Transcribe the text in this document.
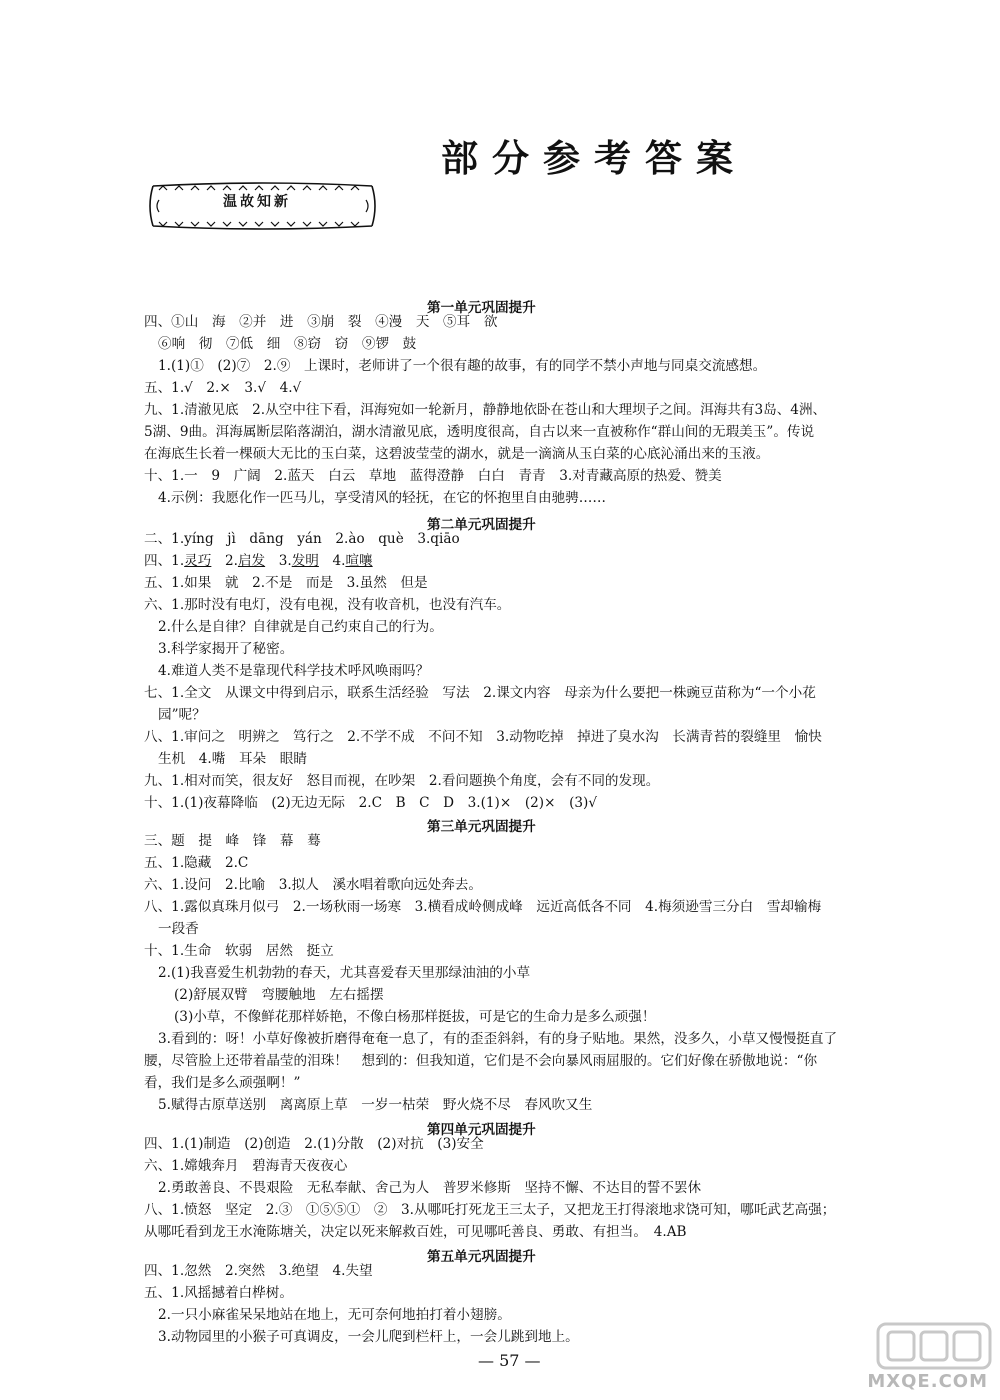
部分参考答案
温故知新
第一单元巩固提升
四、①山　海　②并　进　③崩　裂　④漫　天　⑤耳　欲
⑥响　彻　⑦低　细　⑧窃　窃　⑨锣　鼓
1.(1)①　(2)⑦　2.⑨　上课时，老师讲了一个很有趣的故事，有的同学不禁小声地与同桌交流感想。
五、1.√　2.×　3.√　4.√
九、1.清澈见底　2.从空中往下看，洱海宛如一轮新月，静静地依卧在苍山和大理坝子之间。洱海共有3岛、4洲、
5湖、9曲。洱海属断层陷落湖泊，湖水清澈见底，透明度很高，自古以来一直被称作“群山间的无瑕美玉”。传说
在海底生长着一棵硕大无比的玉白菜，这碧波莹莹的湖水，就是一滴滴从玉白菜的心底沁涌出来的玉液。
十、1.一　9　广阔　2.蓝天　白云　草地　蓝得澄静　白白　青青　3.对青藏高原的热爱、赞美
4.示例：我愿化作一匹马儿，享受清风的轻抚，在它的怀抱里自由驰骋……
第二单元巩固提升
二、1.yíng　jì　dāng　yán　2.ào　què　3.qiāo
四、1.灵巧　2.启发　3.发明　4.喧嚷
五、1.如果　就　2.不是　而是　3.虽然　但是
六、1.那时没有电灯，没有电视，没有收音机，也没有汽车。
2.什么是自律？自律就是自己约束自己的行为。
3.科学家揭开了秘密。
4.难道人类不是靠现代科学技术呼风唤雨吗？
七、1.全文　从课文中得到启示，联系生活经验　写法　2.课文内容　母亲为什么要把一株豌豆苗称为“一个小花
园”呢？
八、1.审问之　明辨之　笃行之　2.不学不成　不问不知　3.动物吃掉　掉进了臭水沟　长满青苔的裂缝里　愉快
生机　4.嘴　耳朵　眼睛
九、1.相对而笑，很友好　怒目而视，在吵架　2.看问题换个角度，会有不同的发现。
十、1.(1)夜幕降临　(2)无边无际　2.C　B　C　D　3.(1)×　(2)×　(3)√
第三单元巩固提升
三、题　提　峰　锋　幕　蓦
五、1.隐藏　2.C
六、1.设问　2.比喻　3.拟人　溪水唱着歌向远处奔去。
八、1.露似真珠月似弓　2.一场秋雨一场寒　3.横看成岭侧成峰　远近高低各不同　4.梅须逊雪三分白　雪却输梅
一段香
十、1.生命　软弱　居然　挺立
2.(1)我喜爱生机勃勃的春天，尤其喜爱春天里那绿油油的小草
(2)舒展双臂　弯腰触地　左右摇摆
(3)小草，不像鲜花那样娇艳，不像白杨那样挺拔，可是它的生命力是多么顽强！
3.看到的：呀！小草好像被折磨得奄奄一息了，有的歪歪斜斜，有的身子贴地。果然，没多久，小草又慢慢挺直了
腰，尽管脸上还带着晶莹的泪珠！　想到的：但我知道，它们是不会向暴风雨屈服的。它们好像在骄傲地说：“你
看，我们是多么顽强啊！”
5.赋得古原草送别　离离原上草　一岁一枯荣　野火烧不尽　春风吹又生
第四单元巩固提升
四、1.(1)制造　(2)创造　2.(1)分散　(2)对抗　(3)安全
六、1.嫦娥奔月　碧海青天夜夜心
2.勇敢善良、不畏艰险　无私奉献、舍己为人　普罗米修斯　坚持不懈、不达目的誓不罢休
八、1.愤怒　坚定　2.③　①⑤⑤①　②　3.从哪吒打死龙王三太子，又把龙王打得滚地求饶可知，哪吒武艺高强；
从哪吒看到龙王水淹陈塘关，决定以死来解救百姓，可见哪吒善良、勇敢、有担当。　4.AB
第五单元巩固提升
四、1.忽然　2.突然　3.绝望　4.失望
五、1.风摇撼着白桦树。
2.一只小麻雀呆呆地站在地上，无可奈何地拍打着小翅膀。
3.动物园里的小猴子可真调皮，一会儿爬到栏杆上，一会儿跳到地上。
— 57 —
MXQE.COM
